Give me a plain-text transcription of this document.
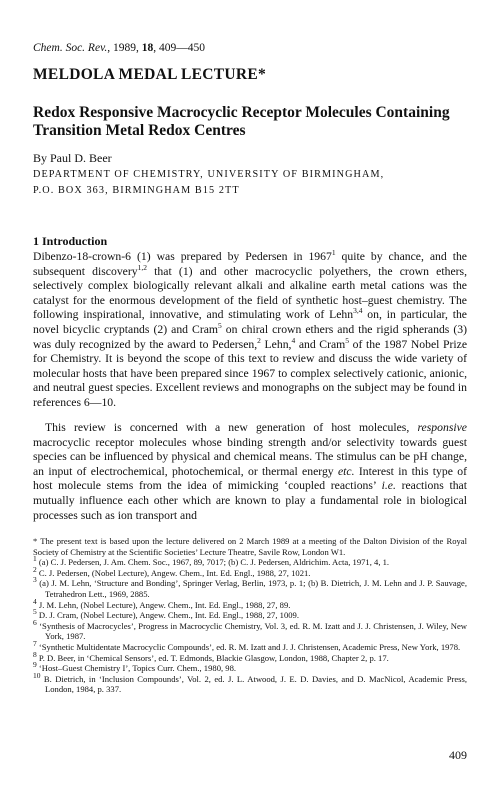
Chem. Soc. Rev., 1989, 18, 409—450
MELDOLA MEDAL LECTURE*
Redox Responsive Macrocyclic Receptor Molecules Containing Transition Metal Redox Centres
By Paul D. Beer
DEPARTMENT OF CHEMISTRY, UNIVERSITY OF BIRMINGHAM,
P.O. BOX 363, BIRMINGHAM B15 2TT
1 Introduction
Dibenzo-18-crown-6 (1) was prepared by Pedersen in 1967$^1$ quite by chance, and the subsequent discovery$^{1,2}$ that (1) and other macrocyclic polyethers, the crown ethers, selectively complex biologically relevant alkali and alkaline earth metal cations was the catalyst for the enormous development of the field of synthetic host–guest chemistry. The following inspirational, innovative, and stimulating work of Lehn$^{3,4}$ on, in particular, the novel bicyclic cryptands (2) and Cram$^5$ on chiral crown ethers and the rigid spherands (3) was duly recognized by the award to Pedersen,$^2$ Lehn,$^4$ and Cram$^5$ of the 1987 Nobel Prize for Chemistry. It is beyond the scope of this text to review and discuss the wide variety of molecular hosts that have been prepared since 1967 to complex selectively cationic, anionic, and neutral guest species. Excellent reviews and monographs on the subject may be found in references 6—10.
This review is concerned with a new generation of host molecules, responsive macrocyclic receptor molecules whose binding strength and/or selectivity towards guest species can be influenced by physical and chemical means. The stimulus can be pH change, an input of electrochemical, photochemical, or thermal energy etc. Interest in this type of host molecule stems from the idea of mimicking ‘coupled reactions’ i.e. reactions that mutually influence each other which are known to play a fundamental role in biological processes such as ion transport and
* The present text is based upon the lecture delivered on 2 March 1989 at a meeting of the Dalton Division of the Royal Society of Chemistry at the Scientific Societies’ Lecture Theatre, Savile Row, London W1.
$^1$ (a) C. J. Pedersen, J. Am. Chem. Soc., 1967, 89, 7017; (b) C. J. Pedersen, Aldrichim. Acta, 1971, 4, 1.
$^2$ C. J. Pedersen, (Nobel Lecture), Angew. Chem., Int. Ed. Engl., 1988, 27, 1021.
$^3$ (a) J. M. Lehn, ‘Structure and Bonding’, Springer Verlag, Berlin, 1973, p. 1; (b) B. Dietrich, J. M. Lehn and J. P. Sauvage, Tetrahedron Lett., 1969, 2885.
$^4$ J. M. Lehn, (Nobel Lecture), Angew. Chem., Int. Ed. Engl., 1988, 27, 89.
$^5$ D. J. Cram, (Nobel Lecture), Angew. Chem., Int. Ed. Engl., 1988, 27, 1009.
$^6$ ‘Synthesis of Macrocycles’, Progress in Macrocyclic Chemistry, Vol. 3, ed. R. M. Izatt and J. J. Christensen, J. Wiley, New York, 1987.
$^7$ ‘Synthetic Multidentate Macrocyclic Compounds’, ed. R. M. Izatt and J. J. Christensen, Academic Press, New York, 1978.
$^8$ P. D. Beer, in ‘Chemical Sensors’, ed. T. Edmonds, Blackie Glasgow, London, 1988, Chapter 2, p. 17.
$^9$ ‘Host–Guest Chemistry I’, Topics Curr. Chem., 1980, 98.
$^{10}$ B. Dietrich, in ‘Inclusion Compounds’, Vol. 2, ed. J. L. Atwood, J. E. D. Davies, and D. MacNicol, Academic Press, London, 1984, p. 337.
409
